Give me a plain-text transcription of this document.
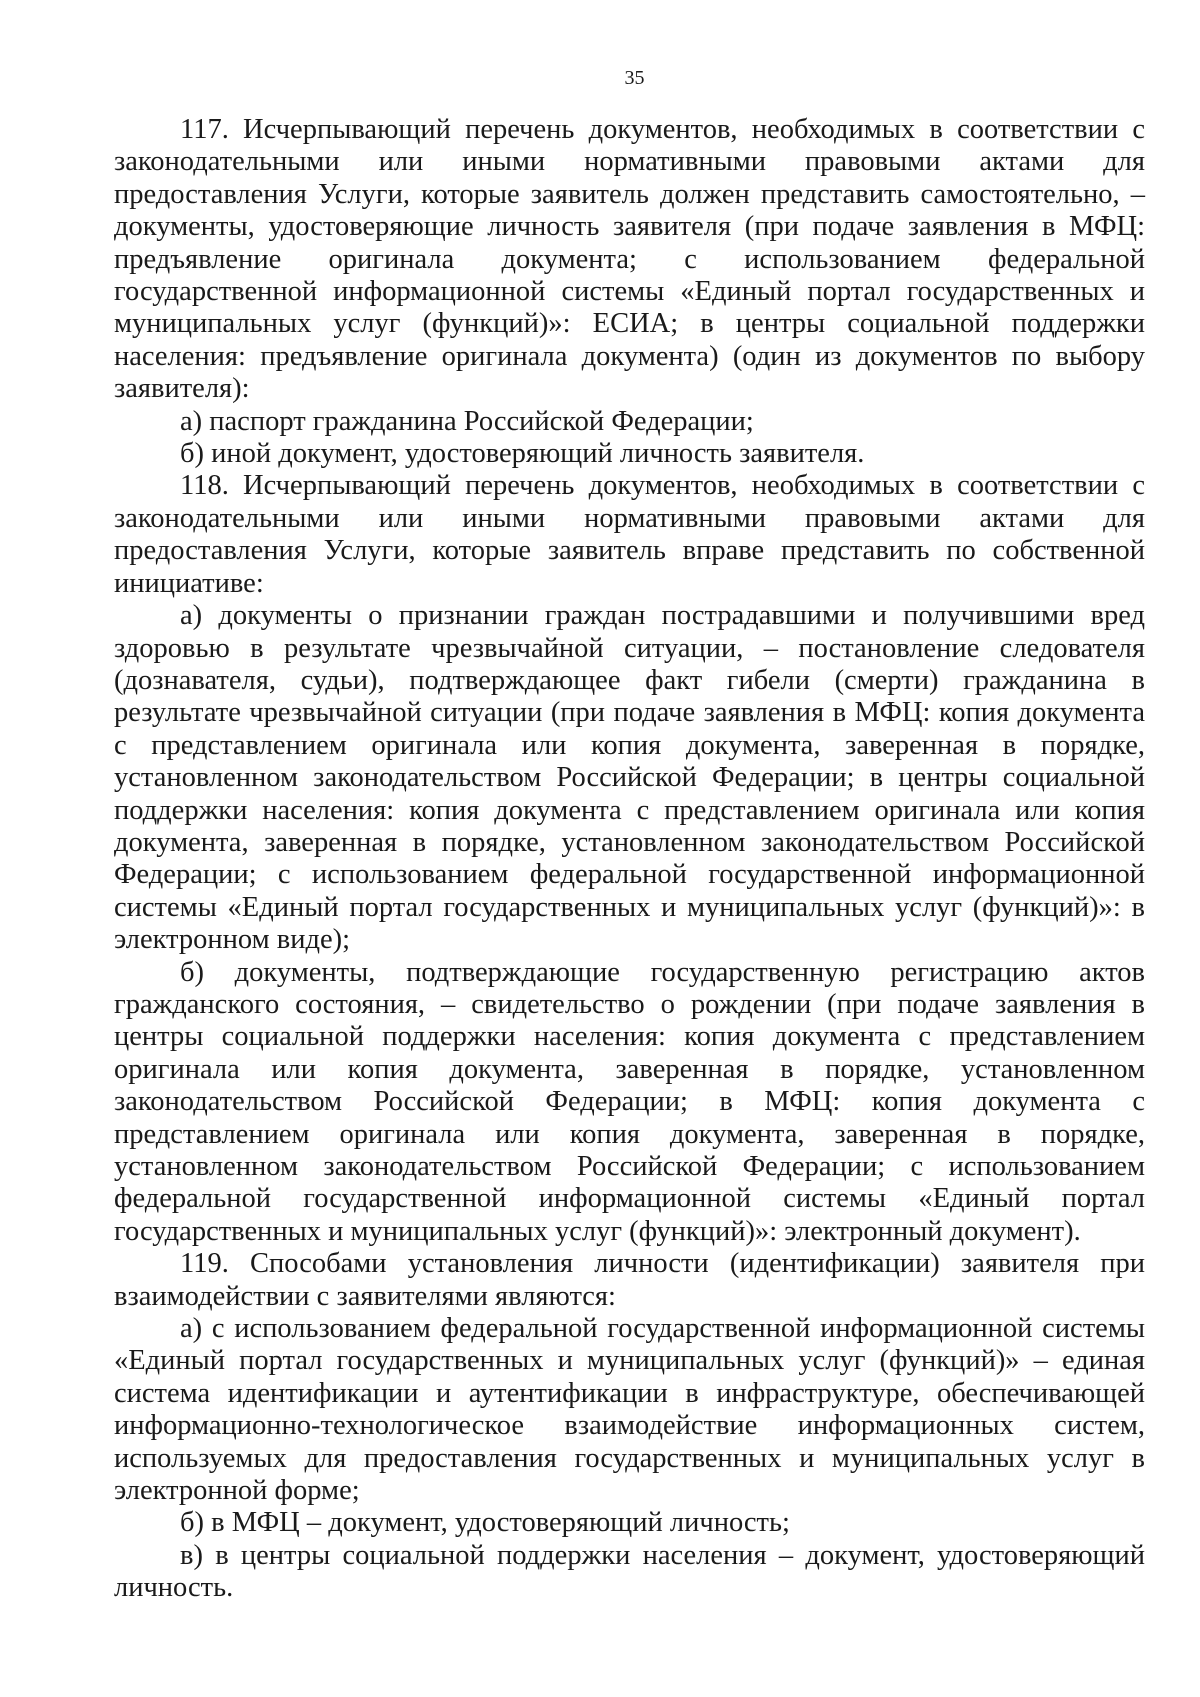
35

117. Исчерпывающий перечень документов, необходимых в соответствии с законодательными или иными нормативными правовыми актами для предоставления Услуги, которые заявитель должен представить самостоятельно, – документы, удостоверяющие личность заявителя (при подаче заявления в МФЦ: предъявление оригинала документа; с использованием федеральной государственной информационной системы «Единый портал государственных и муниципальных услуг (функций)»: ЕСИА; в центры социальной поддержки населения: предъявление оригинала документа) (один из документов по выбору заявителя):

а) паспорт гражданина Российской Федерации;

б) иной документ, удостоверяющий личность заявителя.

118. Исчерпывающий перечень документов, необходимых в соответствии с законодательными или иными нормативными правовыми актами для предоставления Услуги, которые заявитель вправе представить по собственной инициативе:

а) документы о признании граждан пострадавшими и получившими вред здоровью в результате чрезвычайной ситуации, – постановление следователя (дознавателя, судьи), подтверждающее факт гибели (смерти) гражданина в результате чрезвычайной ситуации (при подаче заявления в МФЦ: копия документа с представлением оригинала или копия документа, заверенная в порядке, установленном законодательством Российской Федерации; в центры социальной поддержки населения: копия документа с представлением оригинала или копия документа, заверенная в порядке, установленном законодательством Российской Федерации; с использованием федеральной государственной информационной системы «Единый портал государственных и муниципальных услуг (функций)»: в электронном виде);

б) документы, подтверждающие государственную регистрацию актов гражданского состояния, – свидетельство о рождении (при подаче заявления в центры социальной поддержки населения: копия документа с представлением оригинала или копия документа, заверенная в порядке, установленном законодательством Российской Федерации; в МФЦ: копия документа с представлением оригинала или копия документа, заверенная в порядке, установленном законодательством Российской Федерации; с использованием федеральной государственной информационной системы «Единый портал государственных и муниципальных услуг (функций)»: электронный документ).

119. Способами установления личности (идентификации) заявителя при взаимодействии с заявителями являются:

а) с использованием федеральной государственной информационной системы «Единый портал государственных и муниципальных услуг (функций)» – единая система идентификации и аутентификации в инфраструктуре, обеспечивающей информационно-технологическое взаимодействие информационных систем, используемых для предоставления государственных и муниципальных услуг в электронной форме;

б) в МФЦ – документ, удостоверяющий личность;

в) в центры социальной поддержки населения – документ, удостоверяющий личность.
